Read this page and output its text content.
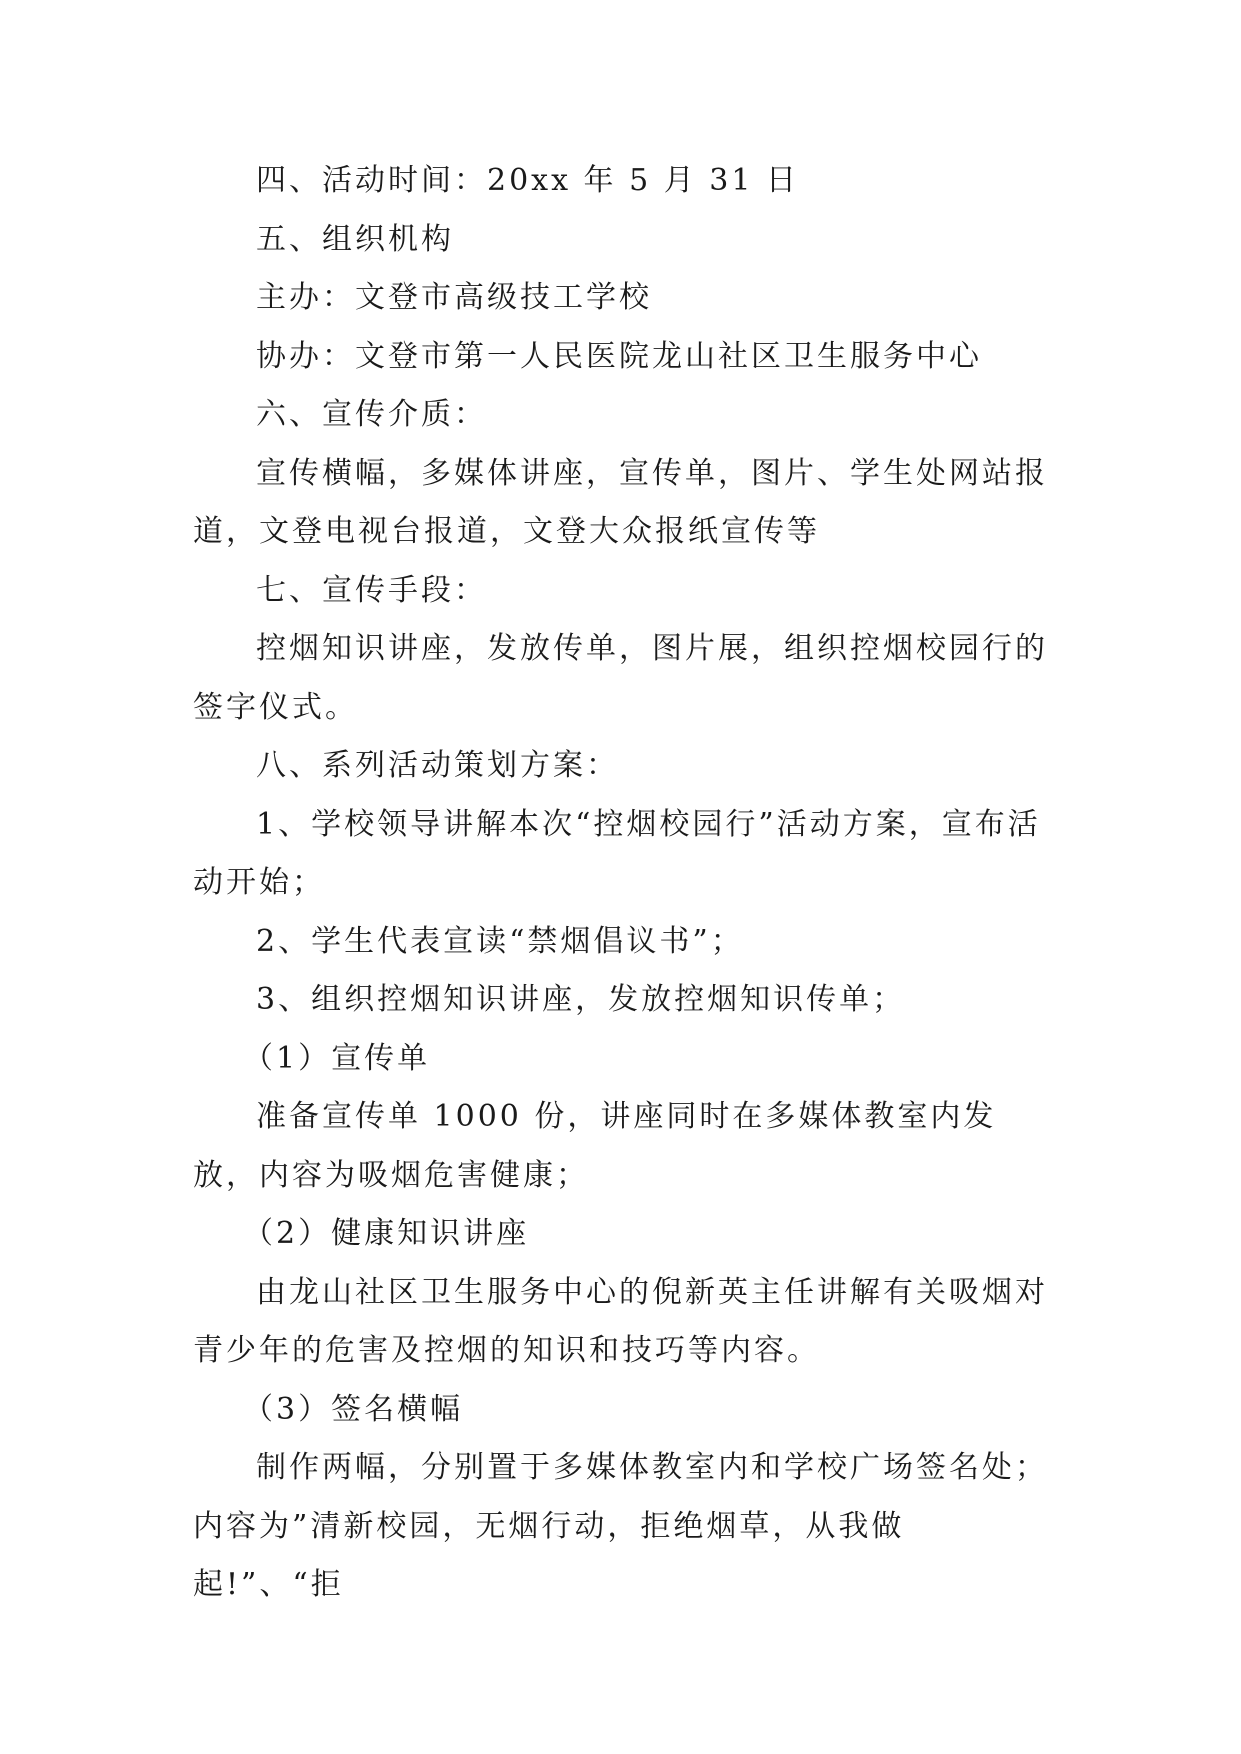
四、活动时间：20xx 年 5 月 31 日

五、组织机构

主办：文登市高级技工学校

协办：文登市第一人民医院龙山社区卫生服务中心

六、宣传介质：

宣传横幅，多媒体讲座，宣传单，图片、学生处网站报道，文登电视台报道，文登大众报纸宣传等

七、宣传手段：

控烟知识讲座，发放传单，图片展，组织控烟校园行的签字仪式。

八、系列活动策划方案：

1、学校领导讲解本次“控烟校园行”活动方案，宣布活动开始；

2、学生代表宣读“禁烟倡议书”；

3、组织控烟知识讲座，发放控烟知识传单；

（1）宣传单

准备宣传单 1000 份，讲座同时在多媒体教室内发放，内容为吸烟危害健康；

（2）健康知识讲座

由龙山社区卫生服务中心的倪新英主任讲解有关吸烟对青少年的危害及控烟的知识和技巧等内容。

（3）签名横幅

制作两幅，分别置于多媒体教室内和学校广场签名处；内容为”清新校园，无烟行动，拒绝烟草，从我做起!”、“拒
